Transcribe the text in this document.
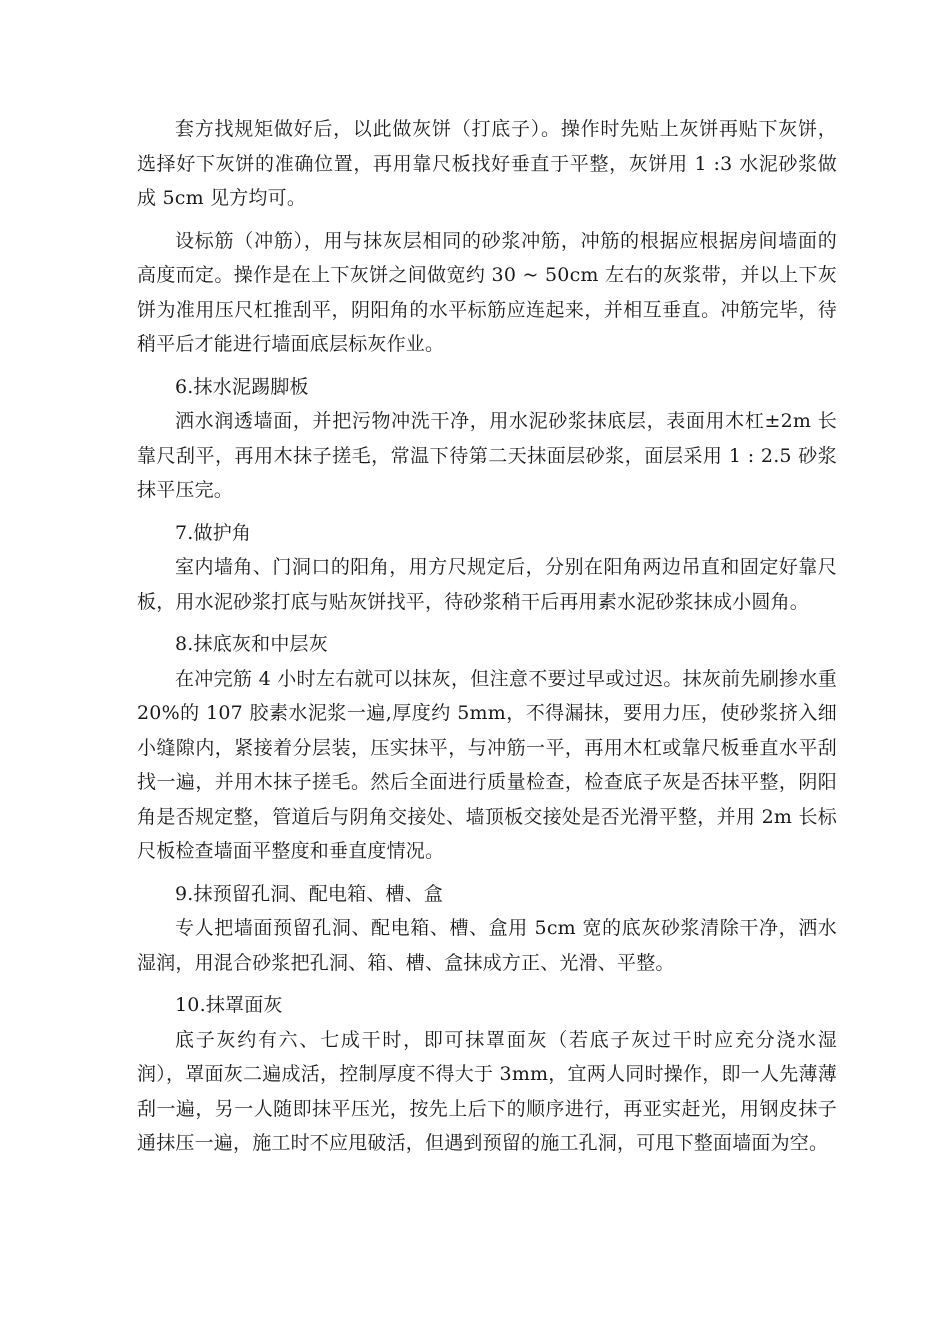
套方找规矩做好后，以此做灰饼（打底子）。操作时先贴上灰饼再贴下灰饼，选择好下灰饼的准确位置，再用靠尺板找好垂直于平整，灰饼用 1 :3 水泥砂浆做成 5cm 见方均可。

设标筋（冲筋），用与抹灰层相同的砂浆冲筋，冲筋的根据应根据房间墙面的高度而定。操作是在上下灰饼之间做宽约 30 ~ 50cm 左右的灰浆带，并以上下灰饼为准用压尺杠推刮平，阴阳角的水平标筋应连起来，并相互垂直。冲筋完毕，待稍平后才能进行墙面底层标灰作业。

6.抹水泥踢脚板

洒水润透墙面，并把污物冲洗干净，用水泥砂浆抹底层，表面用木杠±2m 长靠尺刮平，再用木抹子搓毛，常温下待第二天抹面层砂浆，面层采用 1 : 2.5 砂浆抹平压完。

7.做护角

室内墙角、门洞口的阳角，用方尺规定后，分别在阳角两边吊直和固定好靠尺板，用水泥砂浆打底与贴灰饼找平，待砂浆稍干后再用素水泥砂浆抹成小圆角。

8.抹底灰和中层灰

在冲完筋 4 小时左右就可以抹灰，但注意不要过早或过迟。抹灰前先刷掺水重 20%的 107 胶素水泥浆一遍,厚度约 5mm，不得漏抹，要用力压，使砂浆挤入细小缝隙内，紧接着分层装，压实抹平，与冲筋一平，再用木杠或靠尺板垂直水平刮找一遍，并用木抹子搓毛。然后全面进行质量检查，检查底子灰是否抹平整，阴阳角是否规定整，管道后与阴角交接处、墙顶板交接处是否光滑平整，并用 2m 长标尺板检查墙面平整度和垂直度情况。

9.抹预留孔洞、配电箱、槽、盒

专人把墙面预留孔洞、配电箱、槽、盒用 5cm 宽的底灰砂浆清除干净，洒水湿润，用混合砂浆把孔洞、箱、槽、盒抹成方正、光滑、平整。

10.抹罩面灰

底子灰约有六、七成干时，即可抹罩面灰（若底子灰过干时应充分浇水湿润），罩面灰二遍成活，控制厚度不得大于 3mm，宜两人同时操作，即一人先薄薄刮一遍，另一人随即抹平压光，按先上后下的顺序进行，再亚实赶光，用钢皮抹子通抹压一遍，施工时不应甩破活，但遇到预留的施工孔洞，可甩下整面墙面为空。
